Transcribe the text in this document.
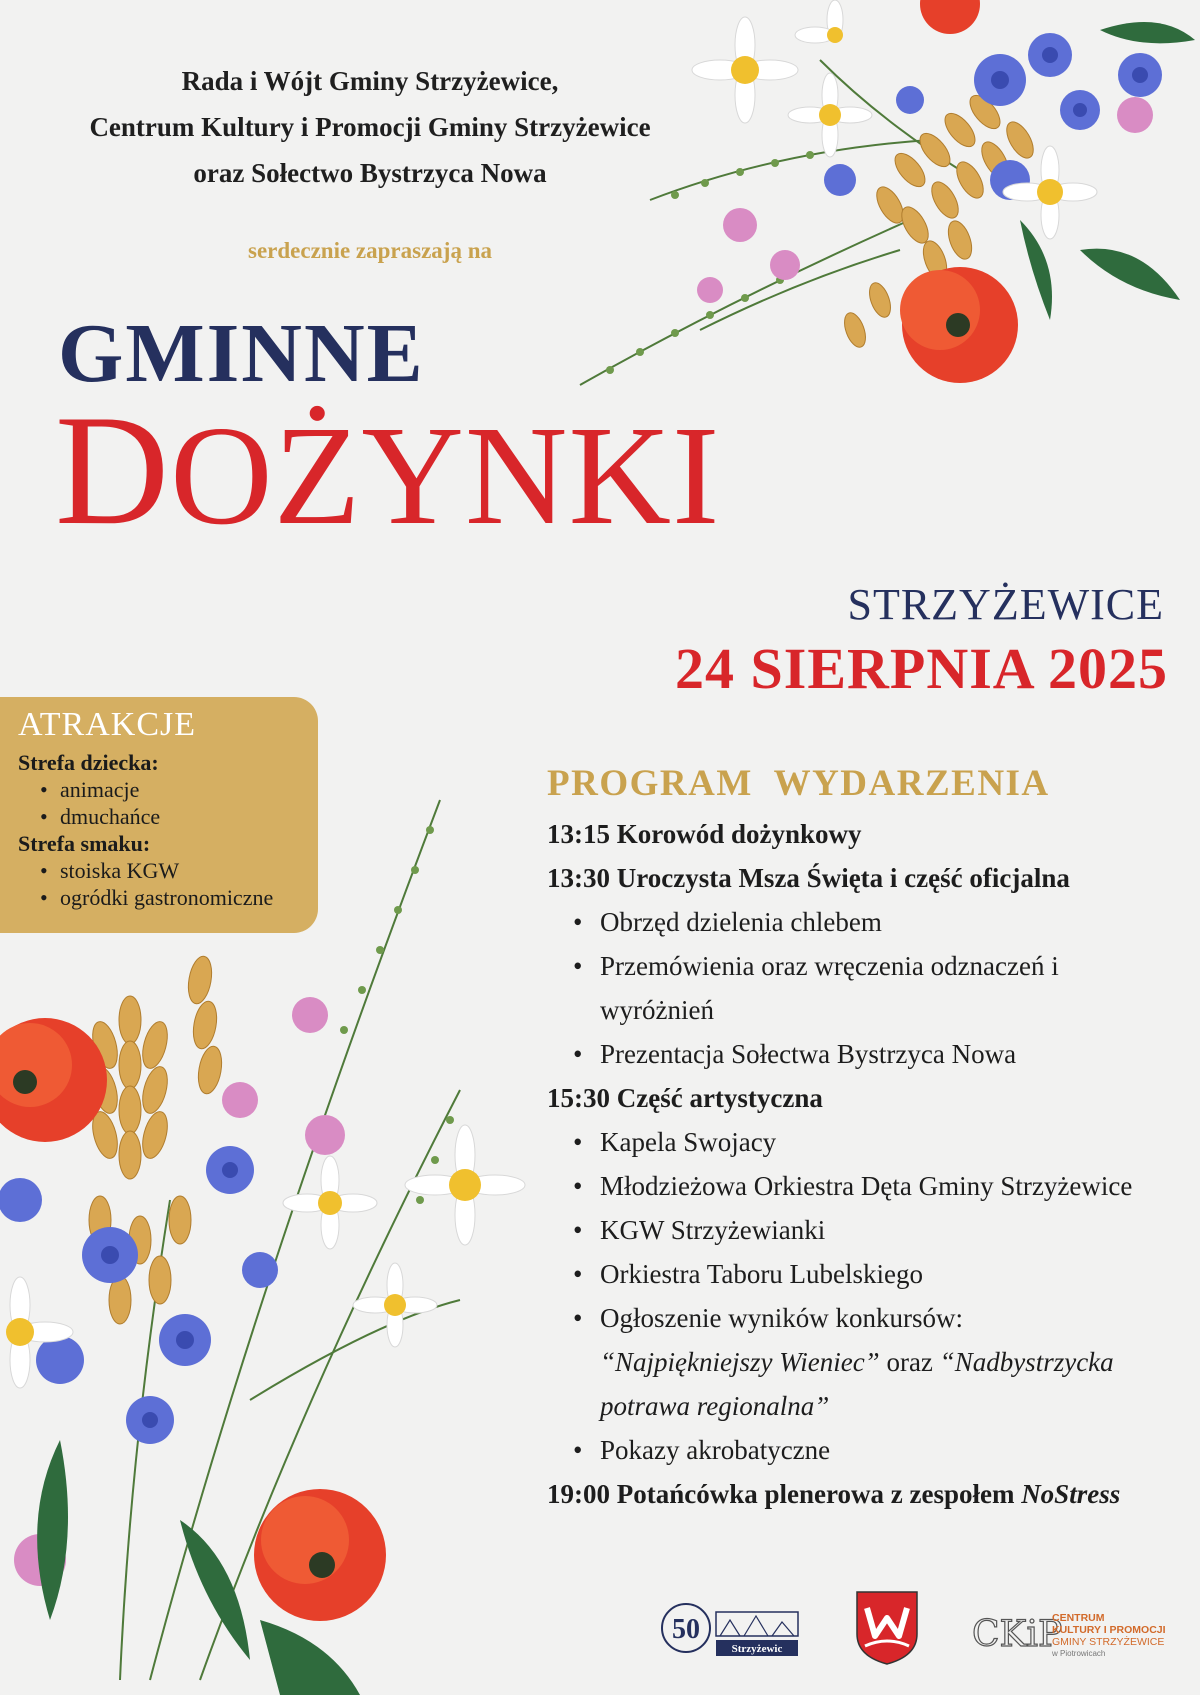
Rada i Wójt Gminy Strzyżewice,
Centrum Kultury i Promocji Gminy Strzyżewice
oraz Sołectwo Bystrzyca Nowa
serdecznie zapraszają na
GMINNE
DOŻYNKI
STRZYŻEWICE
24 SIERPNIA 2025
ATRAKCJE
Strefa dziecka:
• animacje
• dmuchańce
Strefa smaku:
• stoiska KGW
• ogródki gastronomiczne
PROGRAM  WYDARZENIA
13:15 Korowód dożynkowy
13:30 Uroczysta Msza Święta i część oficjalna
• Obrzęd dzielenia chlebem
• Przemówienia oraz wręczenia odznaczeń i wyróżnień
• Prezentacja Sołectwa Bystrzyca Nowa
15:30 Część artystyczna
• Kapela Swojacy
• Młodzieżowa Orkiestra Dęta Gminy Strzyżewice
• KGW Strzyżewianki
• Orkiestra Taboru Lubelskiego
• Ogłoszenie wyników konkursów:
“Najpiękniejszy Wieniec” oraz “Nadbystrzycka potrawa regionalna”
• Pokazy akrobatyczne
19:00 Potańcówka plenerowa z zespołem NoStress
50
Strzyżewic	CKiP
CENTRUM
KULTURY I PROMOCJI
GMINY STRZYŻEWICE
w Piotrowicach
